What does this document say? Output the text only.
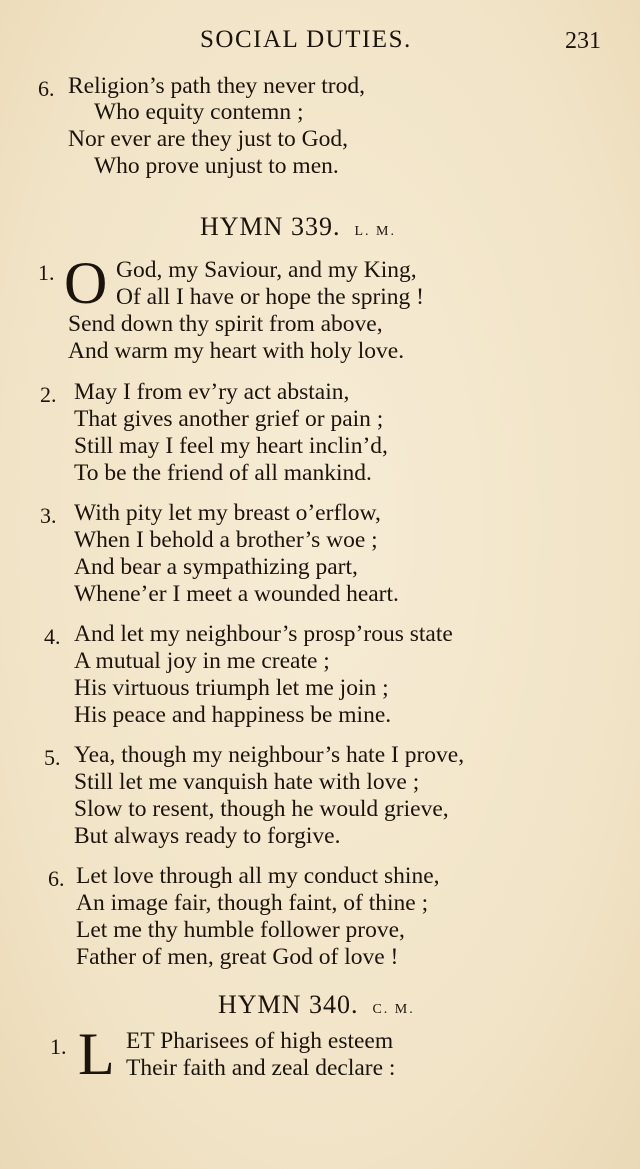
SOCIAL DUTIES.	231
6. Religion’s path they never trod,
Who equity contemn ;
Nor ever are they just to God,
Who prove unjust to men.
HYMN 339. L. M.
1. O God, my Saviour, and my King,
Of all I have or hope the spring !
Send down thy spirit from above,
And warm my heart with holy love.
2. May I from ev’ry act abstain,
That gives another grief or pain ;
Still may I feel my heart inclin’d,
To be the friend of all mankind.
3. With pity let my breast o’erflow,
When I behold a brother’s woe ;
And bear a sympathizing part,
Whene’er I meet a wounded heart.
4. And let my neighbour’s prosp’rous state
A mutual joy in me create ;
His virtuous triumph let me join ;
His peace and happiness be mine.
5. Yea, though my neighbour’s hate I prove,
Still let me vanquish hate with love ;
Slow to resent, though he would grieve,
But always ready to forgive.
6. Let love through all my conduct shine,
An image fair, though faint, of thine ;
Let me thy humble follower prove,
Father of men, great God of love !
HYMN 340. C. M.
1. L ET Pharisees of high esteem
Their faith and zeal declare :
